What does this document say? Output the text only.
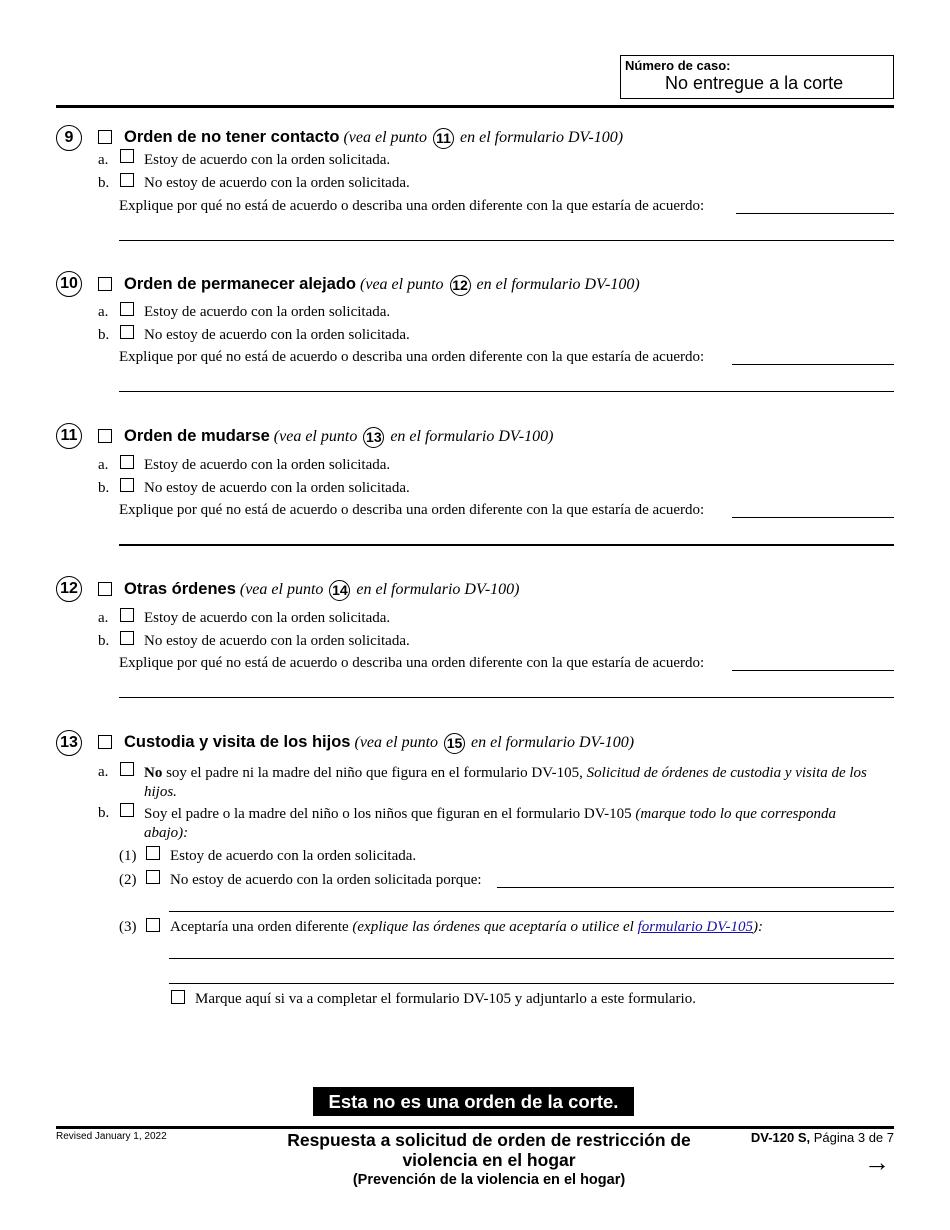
Número de caso:
No entregue a la corte
9	Orden de no tener contacto (vea el punto 11 en el formulario DV-100)
a. Estoy de acuerdo con la orden solicitada.
b. No estoy de acuerdo con la orden solicitada.
Explique por qué no está de acuerdo o describa una orden diferente con la que estaría de acuerdo:
10	Orden de permanecer alejado (vea el punto 12 en el formulario DV-100)
a. Estoy de acuerdo con la orden solicitada.
b. No estoy de acuerdo con la orden solicitada.
Explique por qué no está de acuerdo o describa una orden diferente con la que estaría de acuerdo:
11	Orden de mudarse (vea el punto 13 en el formulario DV-100)
a. Estoy de acuerdo con la orden solicitada.
b. No estoy de acuerdo con la orden solicitada.
Explique por qué no está de acuerdo o describa una orden diferente con la que estaría de acuerdo:
12	Otras órdenes (vea el punto 14 en el formulario DV-100)
a. Estoy de acuerdo con la orden solicitada.
b. No estoy de acuerdo con la orden solicitada.
Explique por qué no está de acuerdo o describa una orden diferente con la que estaría de acuerdo:
13	Custodia y visita de los hijos (vea el punto 15 en el formulario DV-100)
a. No soy el padre ni la madre del niño que figura en el formulario DV-105, Solicitud de órdenes de custodia y visita de los hijos.
b. Soy el padre o la madre del niño o los niños que figuran en el formulario DV-105 (marque todo lo que corresponda abajo):
(1) Estoy de acuerdo con la orden solicitada.
(2) No estoy de acuerdo con la orden solicitada porque:
(3) Aceptaría una orden diferente (explique las órdenes que aceptaría o utilice el formulario DV-105):
Marque aquí si va a completar el formulario DV-105 y adjuntarlo a este formulario.
Esta no es una orden de la corte.
Revised January 1, 2022	Respuesta a solicitud de orden de restricción de
violencia en el hogar
(Prevención de la violencia en el hogar)
DV-120 S, Página 3 de 7
→
